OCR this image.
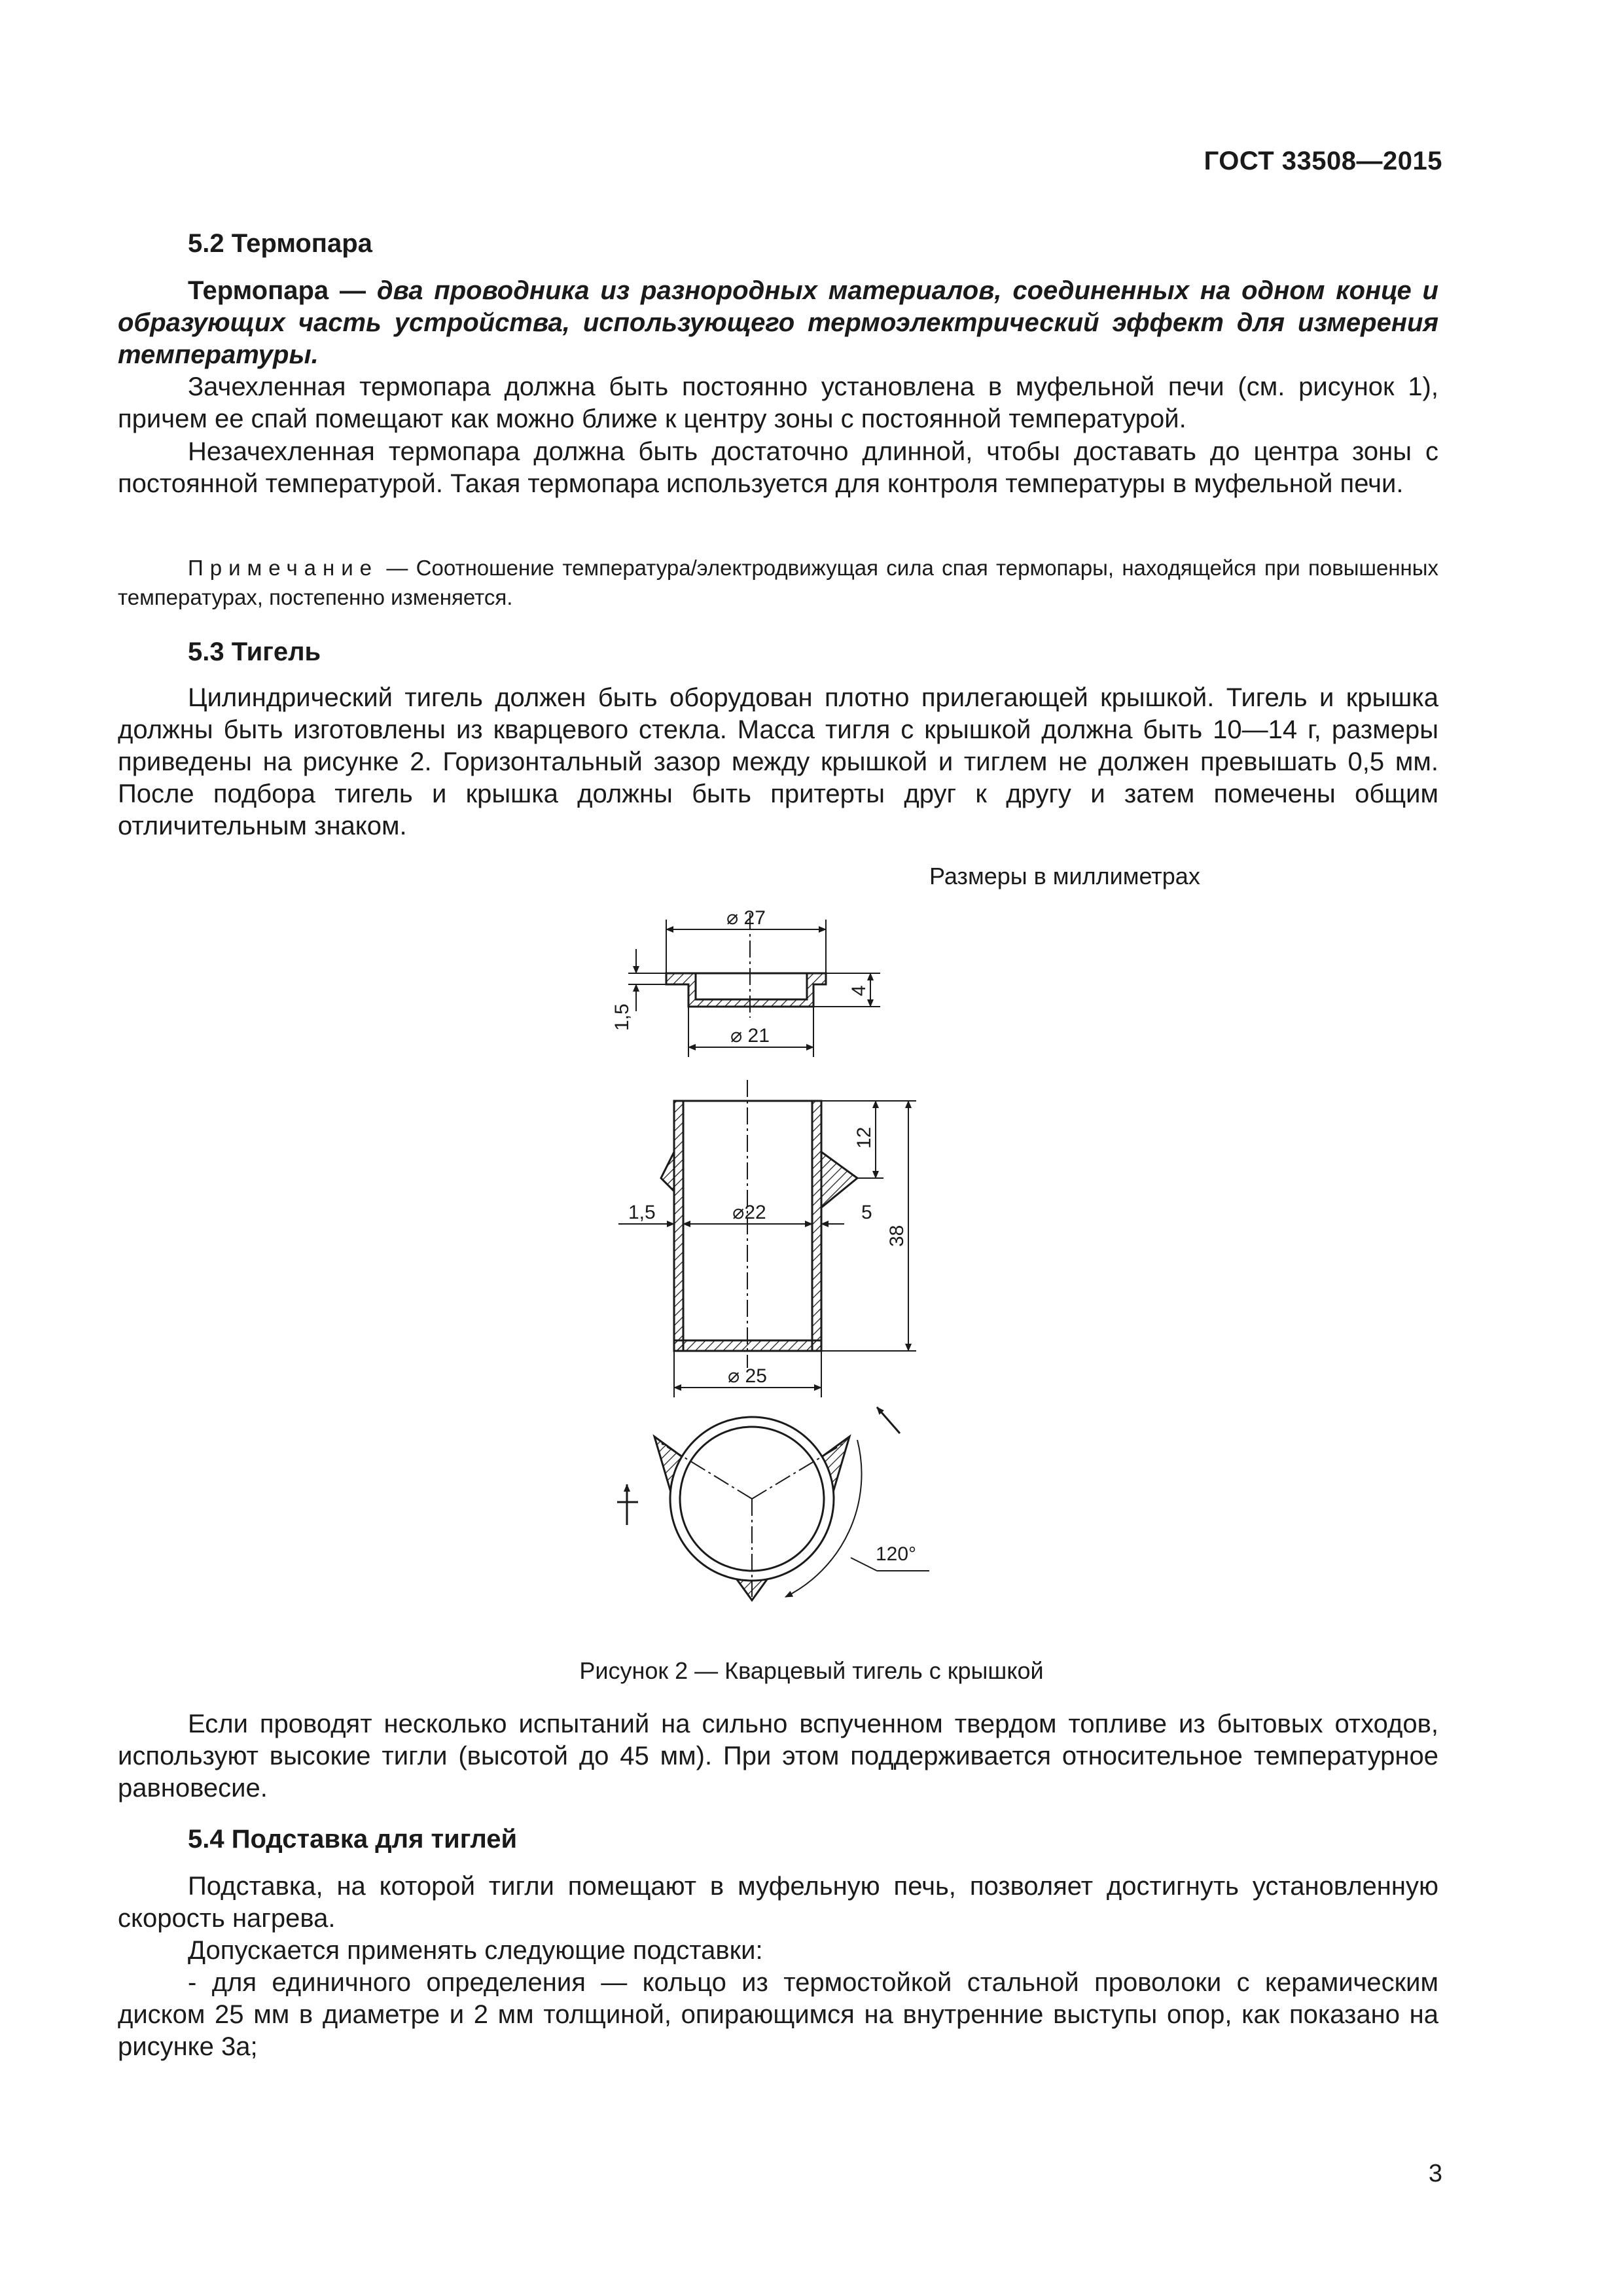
ГОСТ 33508—2015
5.2 Термопара
Термопара — два проводника из разнородных материалов, соединенных на одном конце и образующих часть устройства, использующего термоэлектрический эффект для измерения температуры.
Зачехленная термопара должна быть постоянно установлена в муфельной печи (см. рисунок 1), причем ее спай помещают как можно ближе к центру зоны с постоянной температурой.
Незачехленная термопара должна быть достаточно длинной, чтобы доставать до центра зоны с постоянной температурой. Такая термопара используется для контроля температуры в муфельной печи.
Примечание — Соотношение температура/электродвижущая сила спая термопары, находящейся при повышенных температурах, постепенно изменяется.
5.3 Тигель
Цилиндрический тигель должен быть оборудован плотно прилегающей крышкой. Тигель и крышка должны быть изготовлены из кварцевого стекла. Масса тигля с крышкой должна быть 10—14 г, размеры приведены на рисунке 2. Горизонтальный зазор между крышкой и тиглем не должен превышать 0,5 мм. После подбора тигель и крышка должны быть притерты друг к другу и затем помечены общим отличительным знаком.
Размеры в миллиметрах
⌀ 27
⌀ 21
1,5
4
12
38
⌀22
1,5	5
⌀ 25
120°
Рисунок 2 — Кварцевый тигель с крышкой
Если проводят несколько испытаний на сильно вспученном твердом топливе из бытовых отходов, используют высокие тигли (высотой до 45 мм). При этом поддерживается относительное температурное равновесие.
5.4 Подставка для тиглей
Подставка, на которой тигли помещают в муфельную печь, позволяет достигнуть установленную скорость нагрева.
Допускается применять следующие подставки:
- для единичного определения — кольцо из термостойкой стальной проволоки с керамическим диском 25 мм в диаметре и 2 мм толщиной, опирающимся на внутренние выступы опор, как показано на рисунке 3а;
3
